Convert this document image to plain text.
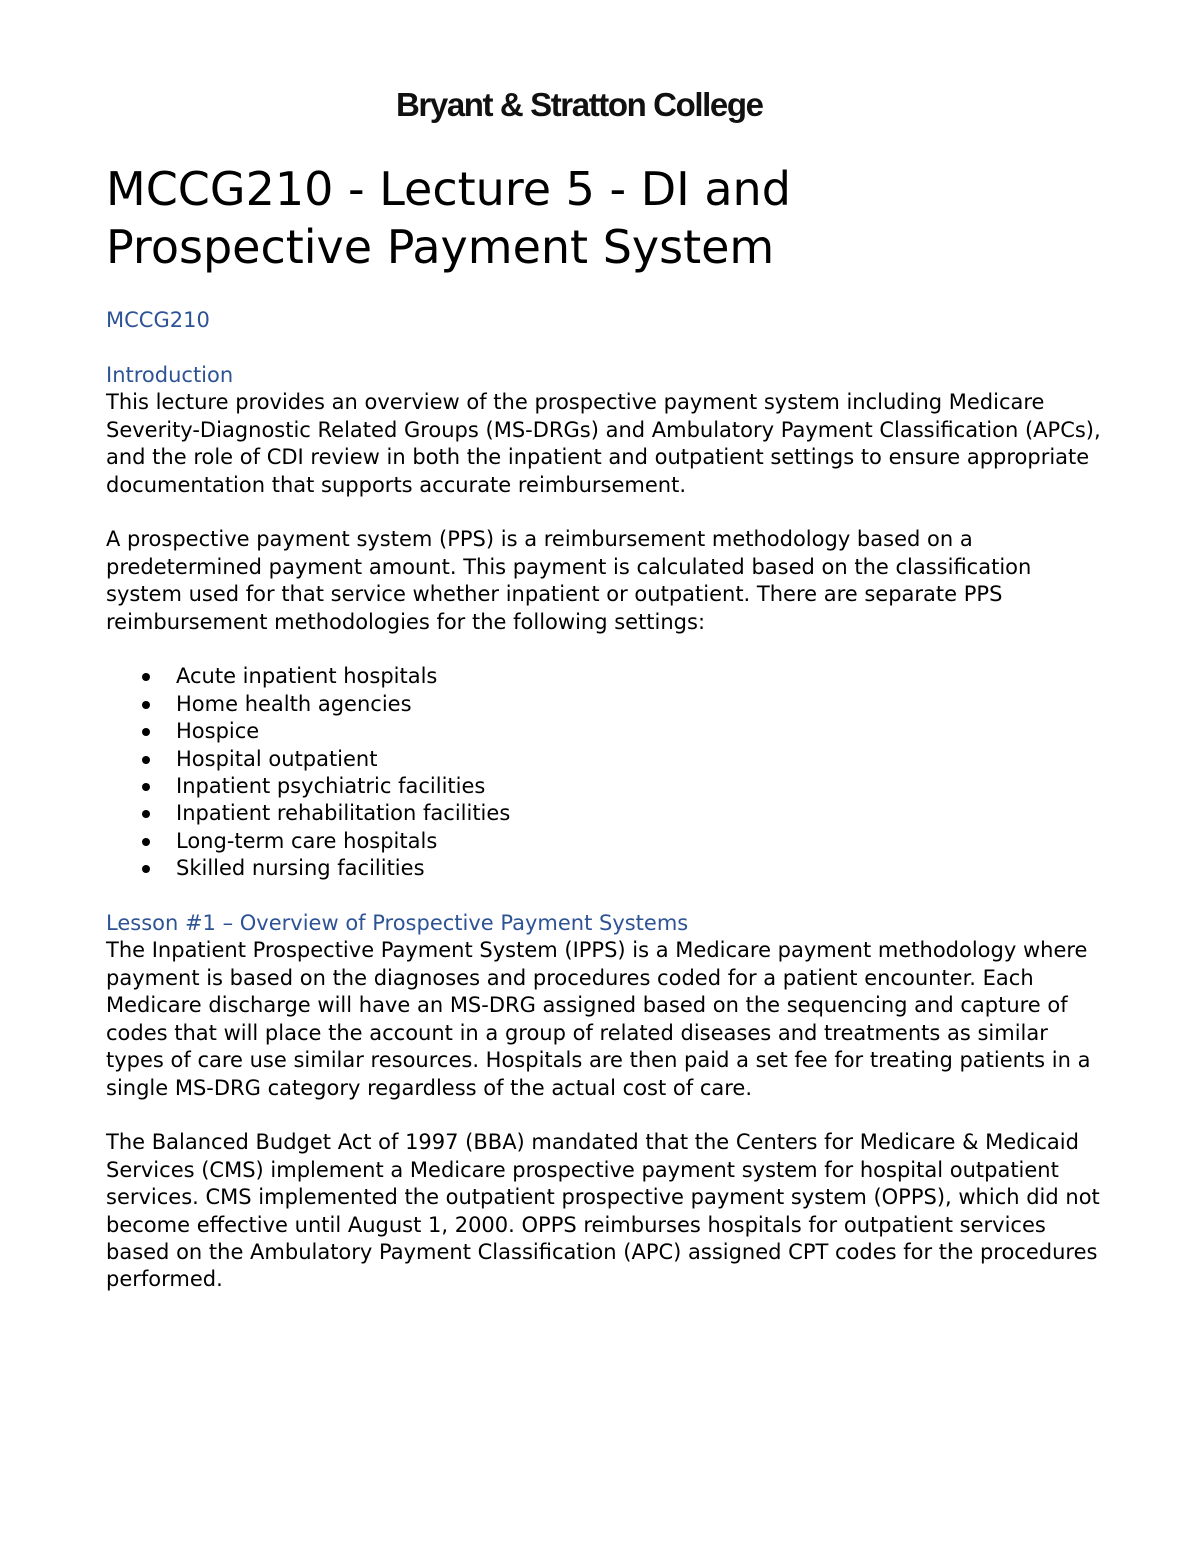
Bryant & Stratton College
MCCG210 - Lecture 5 - DI and
Prospective Payment System

MCCG210

Introduction

This lecture provides an overview of the prospective payment system including Medicare Severity-Diagnostic Related Groups (MS-DRGs) and Ambulatory Payment Classification (APCs), and the role of CDI review in both the inpatient and outpatient settings to ensure appropriate documentation that supports accurate reimbursement.

A prospective payment system (PPS) is a reimbursement methodology based on a predetermined payment amount. This payment is calculated based on the classification system used for that service whether inpatient or outpatient. There are separate PPS reimbursement methodologies for the following settings:

Acute inpatient hospitals
Home health agencies
Hospice
Hospital outpatient
Inpatient psychiatric facilities
Inpatient rehabilitation facilities
Long-term care hospitals
Skilled nursing facilities
Lesson #1 – Overview of Prospective Payment Systems

The Inpatient Prospective Payment System (IPPS) is a Medicare payment methodology where payment is based on the diagnoses and procedures coded for a patient encounter. Each Medicare discharge will have an MS-DRG assigned based on the sequencing and capture of codes that will place the account in a group of related diseases and treatments as similar types of care use similar resources. Hospitals are then paid a set fee for treating patients in a single MS-DRG category regardless of the actual cost of care.

The Balanced Budget Act of 1997 (BBA) mandated that the Centers for Medicare & Medicaid Services (CMS) implement a Medicare prospective payment system for hospital outpatient services. CMS implemented the outpatient prospective payment system (OPPS), which did not become effective until August 1, 2000. OPPS reimburses hospitals for outpatient services based on the Ambulatory Payment Classification (APC) assigned CPT codes for the procedures performed.
